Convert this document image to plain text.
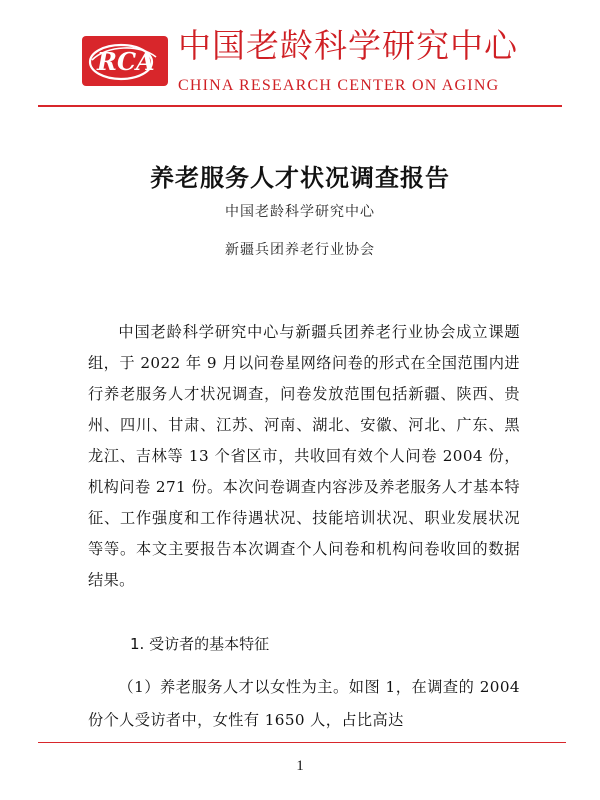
RCA 中国老龄科学研究中心
CHINA RESEARCH CENTER ON AGING
养老服务人才状况调查报告
中国老龄科学研究中心
新疆兵团养老行业协会

中国老龄科学研究中心与新疆兵团养老行业协会成立课题组，于 2022 年 9 月以问卷星网络问卷的形式在全国范围内进行养老服务人才状况调查，问卷发放范围包括新疆、陕西、贵州、四川、甘肃、江苏、河南、湖北、安徽、河北、广东、黑龙江、吉林等 13 个省区市，共收回有效个人问卷 2004 份，机构问卷 271 份。本次问卷调查内容涉及养老服务人才基本特征、工作强度和工作待遇状况、技能培训状况、职业发展状况等等。本文主要报告本次调查个人问卷和机构问卷收回的数据结果。

1. 受访者的基本特征

（1）养老服务人才以女性为主。如图 1，在调查的 2004 份个人受访者中，女性有 1650 人，占比高达

1
